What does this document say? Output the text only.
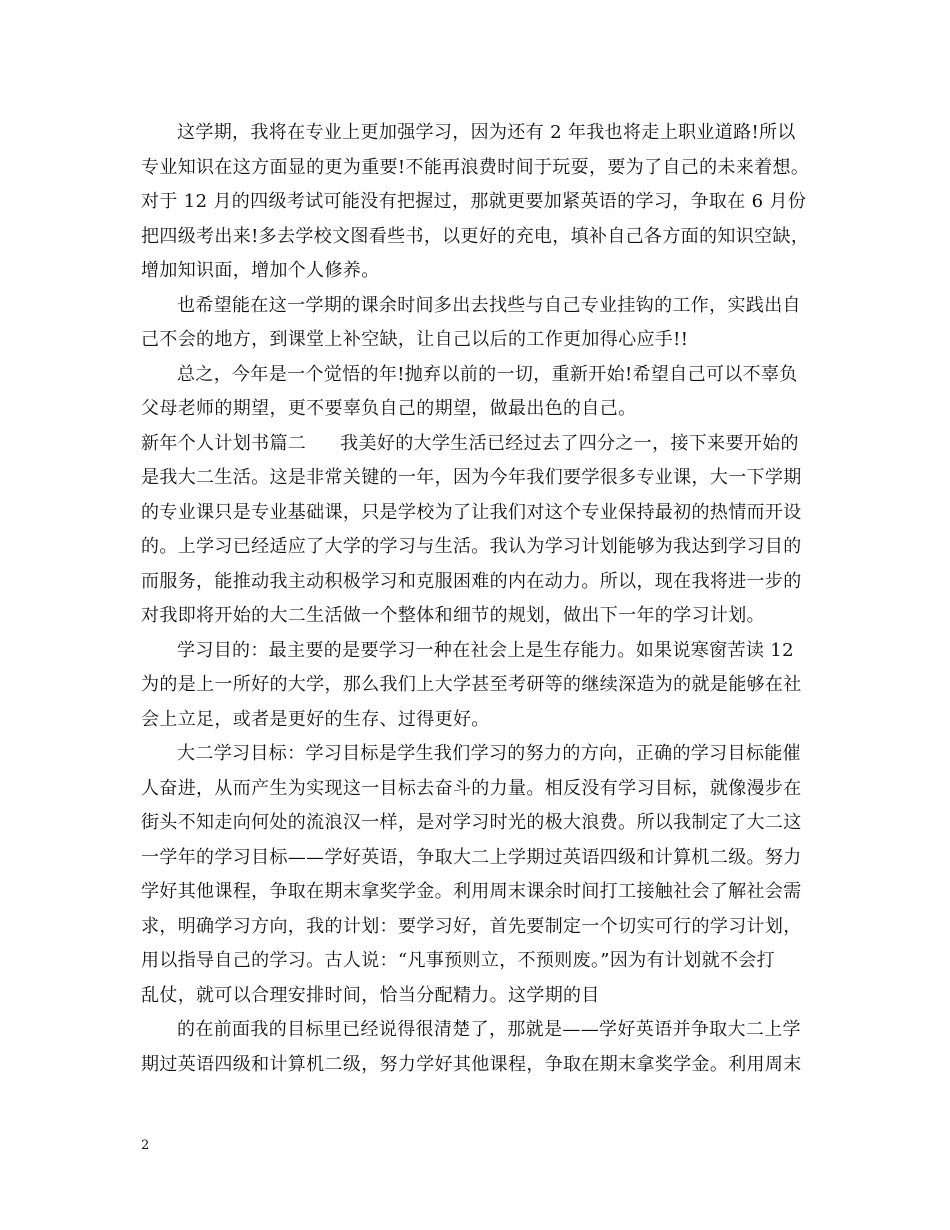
这学期，我将在专业上更加强学习，因为还有 2 年我也将走上职业道路!所以
专业知识在这方面显的更为重要!不能再浪费时间于玩耍，要为了自己的未来着想。
对于 12 月的四级考试可能没有把握过，那就更要加紧英语的学习，争取在 6 月份
把四级考出来!多去学校文图看些书，以更好的充电，填补自己各方面的知识空缺，
增加知识面，增加个人修养。
也希望能在这一学期的课余时间多出去找些与自己专业挂钩的工作，实践出自
己不会的地方，到课堂上补空缺，让自己以后的工作更加得心应手!!
总之，今年是一个觉悟的年!抛弃以前的一切，重新开始!希望自己可以不辜负
父母老师的期望，更不要辜负自己的期望，做最出色的自己。
新年个人计划书篇二 我美好的大学生活已经过去了四分之一，接下来要开始的
是我大二生活。这是非常关键的一年，因为今年我们要学很多专业课，大一下学期
的专业课只是专业基础课，只是学校为了让我们对这个专业保持最初的热情而开设
的。上学习已经适应了大学的学习与生活。我认为学习计划能够为我达到学习目的
而服务，能推动我主动积极学习和克服困难的内在动力。所以，现在我将进一步的
对我即将开始的大二生活做一个整体和细节的规划，做出下一年的学习计划。
学习目的：最主要的是要学习一种在社会上是生存能力。如果说寒窗苦读 12
为的是上一所好的大学，那么我们上大学甚至考研等的继续深造为的就是能够在社
会上立足，或者是更好的生存、过得更好。
大二学习目标：学习目标是学生我们学习的努力的方向，正确的学习目标能催
人奋进，从而产生为实现这一目标去奋斗的力量。相反没有学习目标，就像漫步在
街头不知走向何处的流浪汉一样，是对学习时光的极大浪费。所以我制定了大二这
一学年的学习目标——学好英语，争取大二上学期过英语四级和计算机二级。努力
学好其他课程，争取在期末拿奖学金。利用周末课余时间打工接触社会了解社会需
求，明确学习方向，我的计划：要学习好，首先要制定一个切实可行的学习计划，
用以指导自己的学习。古人说：“凡事预则立，不预则废。”因为有计划就不会打
乱仗，就可以合理安排时间，恰当分配精力。这学期的目
的在前面我的目标里已经说得很清楚了，那就是——学好英语并争取大二上学
期过英语四级和计算机二级，努力学好其他课程，争取在期末拿奖学金。利用周末
2
